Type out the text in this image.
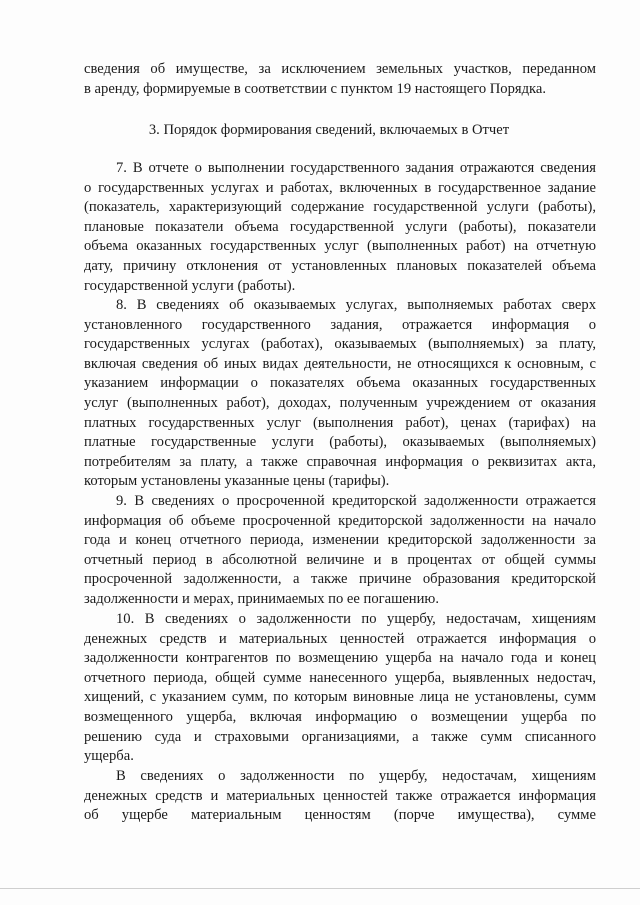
сведения об имуществе, за исключением земельных участков, переданном
в аренду, формируемые в соответствии с пунктом 19 настоящего Порядка.
3. Порядок формирования сведений, включаемых в Отчет
7. В отчете о выполнении государственного задания отражаются сведения
о государственных услугах и работах, включенных в государственное задание
(показатель, характеризующий содержание государственной услуги (работы),
плановые показатели объема государственной услуги (работы), показатели
объема оказанных государственных услуг (выполненных работ) на отчетную
дату, причину отклонения от установленных плановых показателей объема
государственной услуги (работы).
8. В сведениях об оказываемых услугах, выполняемых работах сверх
установленного государственного задания, отражается информация о
государственных услугах (работах), оказываемых (выполняемых) за плату,
включая сведения об иных видах деятельности, не относящихся к основным, с
указанием информации о показателях объема оказанных государственных
услуг (выполненных работ), доходах, полученным учреждением от оказания
платных государственных услуг (выполнения работ), ценах (тарифах) на
платные государственные услуги (работы), оказываемых (выполняемых)
потребителям за плату, а также справочная информация о реквизитах акта,
которым установлены указанные цены (тарифы).
9. В сведениях о просроченной кредиторской задолженности отражается
информация об объеме просроченной кредиторской задолженности на начало
года и конец отчетного периода, изменении кредиторской задолженности за
отчетный период в абсолютной величине и в процентах от общей суммы
просроченной задолженности, а также причине образования кредиторской
задолженности и мерах, принимаемых по ее погашению.
10. В сведениях о задолженности по ущербу, недостачам, хищениям
денежных средств и материальных ценностей отражается информация о
задолженности контрагентов по возмещению ущерба на начало года и конец
отчетного периода, общей сумме нанесенного ущерба, выявленных недостач,
хищений, с указанием сумм, по которым виновные лица не установлены, сумм
возмещенного ущерба, включая информацию о возмещении ущерба по
решению суда и страховыми организациями, а также сумм списанного
ущерба.
В сведениях о задолженности по ущербу, недостачам, хищениям
денежных средств и материальных ценностей также отражается информация
об ущербе материальным ценностям (порче имущества), сумме
